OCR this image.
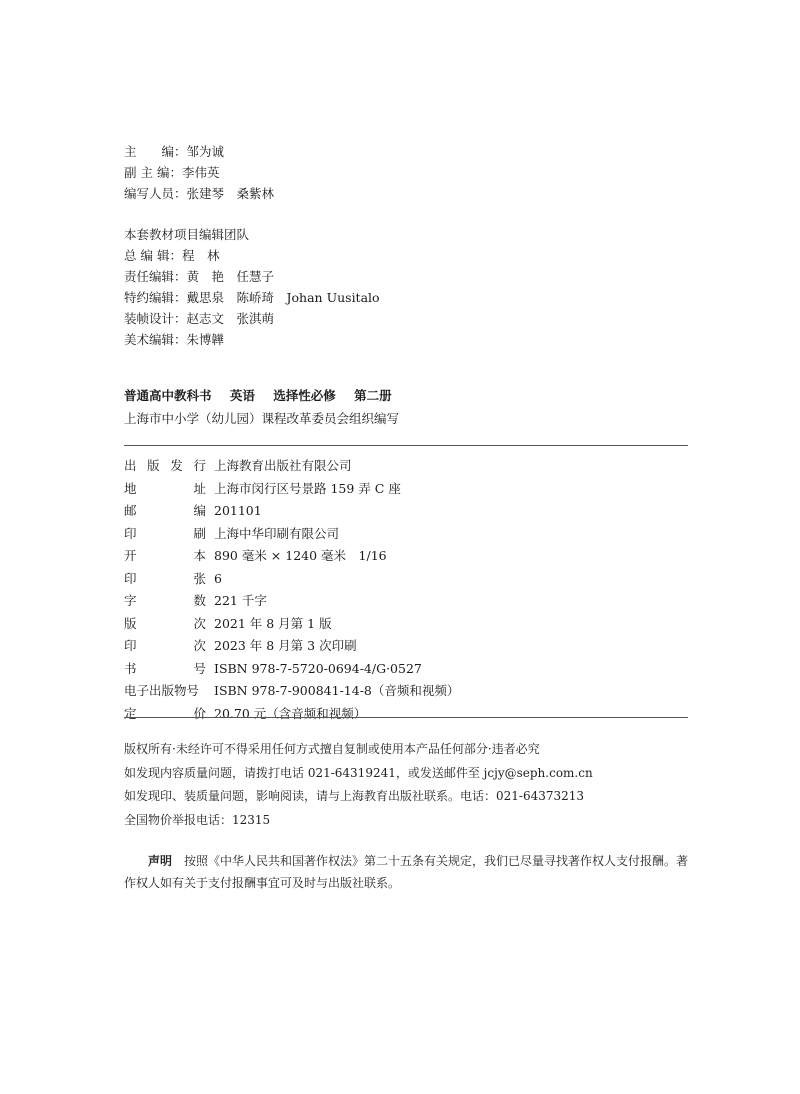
主　　编：邹为诚
副 主 编：李伟英
编写人员：张建琴　桑紫林
本套教材项目编辑团队
总 编 辑：程　林
责任编辑：黄　艳　任慧子
特约编辑：戴思泉　陈峤琦　Johan Uusitalo
装帧设计：赵志文　张淇萌
美术编辑：朱博韡
普通高中教科书 英语 选择性必修 第二册
上海市中小学（幼儿园）课程改革委员会组织编写
出 版 发 行 上海教育出版社有限公司
地	址 上海市闵行区号景路 159 弄 C 座
邮	编 201101
印	刷 上海中华印刷有限公司
开	本 890 毫米 × 1240 毫米　1/16
印	张 6
字	数 221 千字
版	次 2021 年 8 月第 1 版
印	次 2023 年 8 月第 3 次印刷
书	号 ISBN 978-7-5720-0694-4/G·0527
电子出版物号	ISBN 978-7-900841-14-8（音频和视频）
定	价 20.70 元（含音频和视频）
版权所有·未经许可不得采用任何方式擅自复制或使用本产品任何部分·违者必究
如发现内容质量问题，请拨打电话 021-64319241，或发送邮件至 jcjy@seph.com.cn
如发现印、装质量问题，影响阅读，请与上海教育出版社联系。电话：021-64373213
全国物价举报电话：12315
声明 按照《中华人民共和国著作权法》第二十五条有关规定，我们已尽量寻找著作权人支付报酬。著作权人如有关于支付报酬事宜可及时与出版社联系。
